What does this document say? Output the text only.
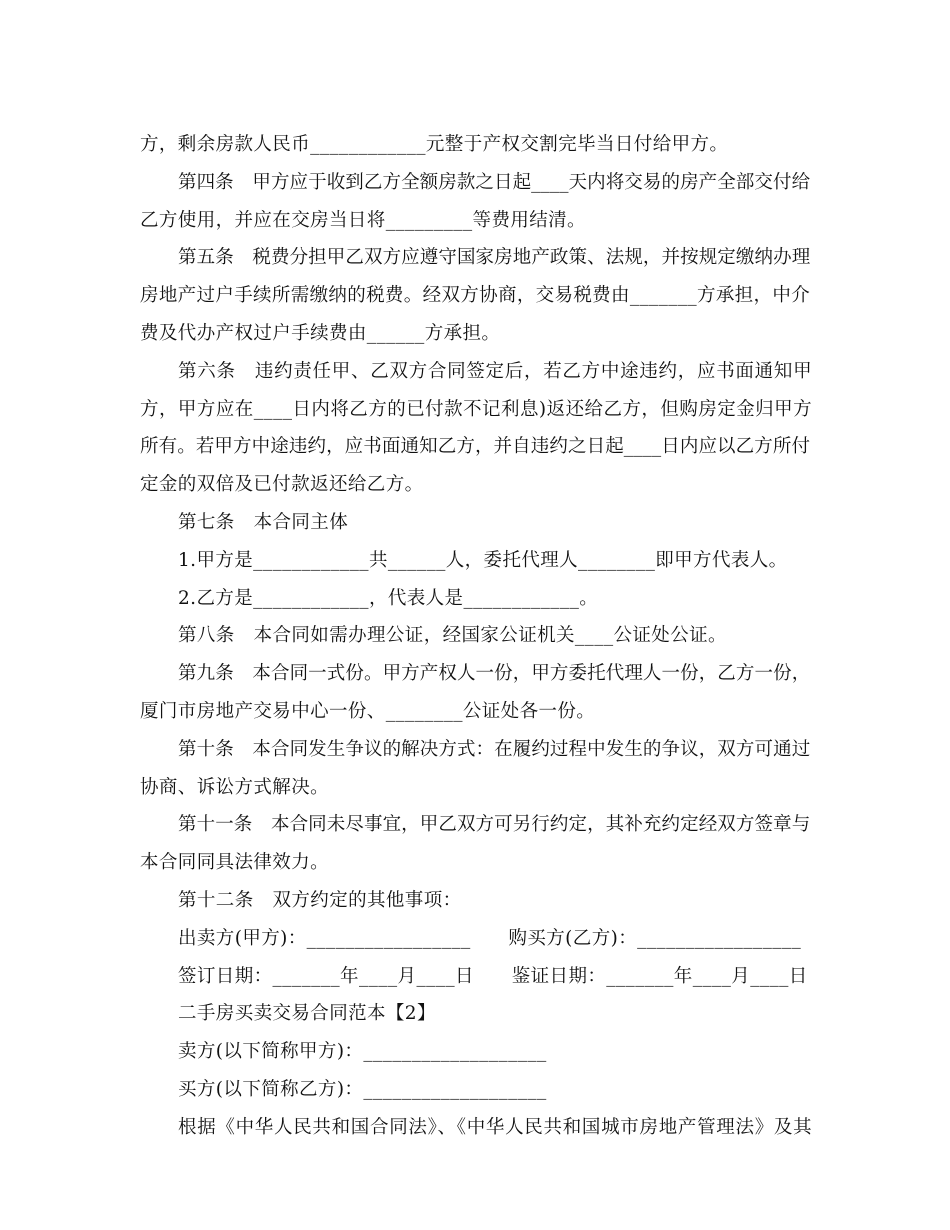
方，剩余房款人民币____________元整于产权交割完毕当日付给甲方。
第四条　甲方应于收到乙方全额房款之日起____天内将交易的房产全部交付给
乙方使用，并应在交房当日将_________等费用结清。
第五条　税费分担甲乙双方应遵守国家房地产政策、法规，并按规定缴纳办理
房地产过户手续所需缴纳的税费。经双方协商，交易税费由_______方承担，中介
费及代办产权过户手续费由______方承担。
第六条　违约责任甲、乙双方合同签定后，若乙方中途违约，应书面通知甲
方，甲方应在____日内将乙方的已付款不记利息)返还给乙方，但购房定金归甲方
所有。若甲方中途违约，应书面通知乙方，并自违约之日起____日内应以乙方所付
定金的双倍及已付款返还给乙方。
第七条　本合同主体
1.甲方是____________共______人，委托代理人________即甲方代表人。
2.乙方是____________，代表人是____________。
第八条　本合同如需办理公证，经国家公证机关____公证处公证。
第九条　本合同一式份。甲方产权人一份，甲方委托代理人一份，乙方一份，
厦门市房地产交易中心一份、________公证处各一份。
第十条　本合同发生争议的解决方式：在履约过程中发生的争议，双方可通过
协商、诉讼方式解决。
第十一条　本合同未尽事宜，甲乙双方可另行约定，其补充约定经双方签章与
本合同同具法律效力。
第十二条　双方约定的其他事项：
出卖方(甲方)：_________________　　购买方(乙方)：_________________
签订日期：_______年____月____日　　鉴证日期：_______年____月____日
二手房买卖交易合同范本【2】
卖方(以下简称甲方)：___________________
买方(以下简称乙方)：___________________
根据《中华人民共和国合同法》、《中华人民共和国城市房地产管理法》及其
